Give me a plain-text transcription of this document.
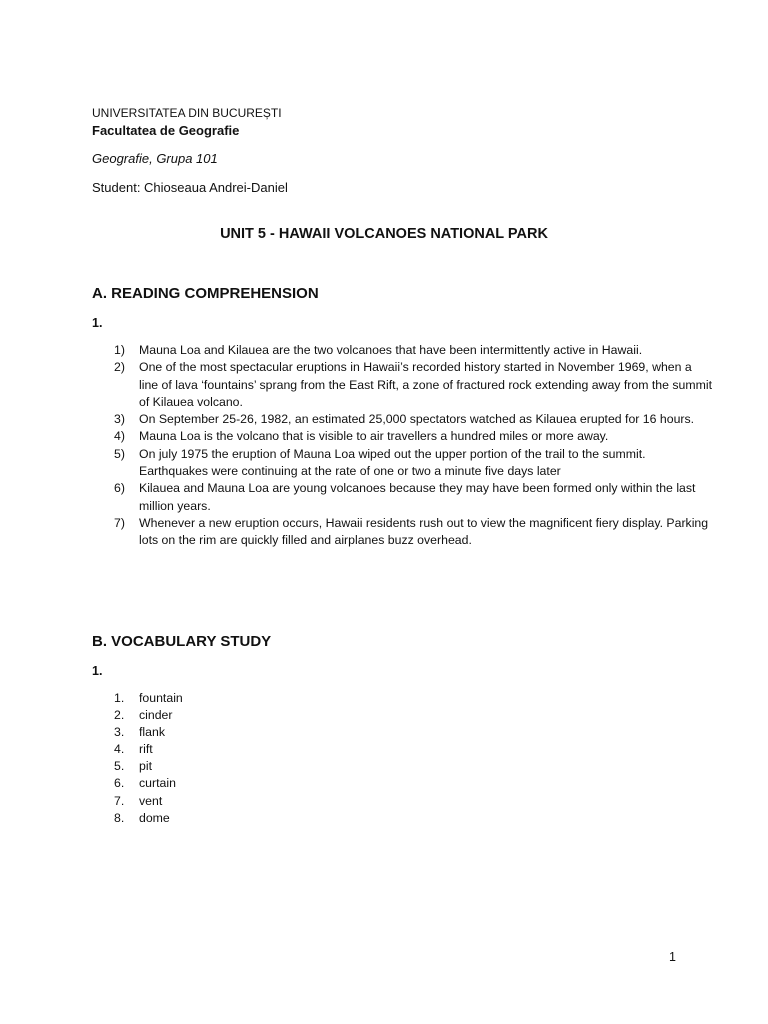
UNIVERSITATEA DIN BUCUREȘTI
Facultatea de Geografie
Geografie, Grupa 101
Student: Chioseaua Andrei-Daniel
UNIT 5 - HAWAII VOLCANOES NATIONAL PARK
A. READING COMPREHENSION
1.
1)	Mauna Loa and Kilauea are the two volcanoes that have been intermittently active in Hawaii.
2)	One of the most spectacular eruptions in Hawaii’s recorded history started in November 1969, when a line of lava ‘fountains’ sprang from the East Rift, a zone of fractured rock extending away from the summit of Kilauea volcano.
3)	On September 25-26, 1982, an estimated 25,000 spectators watched as Kilauea erupted for 16 hours.
4)	Mauna Loa is the volcano that is visible to air travellers a hundred miles or more away.
5)	On july 1975 the eruption of Mauna Loa wiped out the upper portion of the trail to the summit. Earthquakes were continuing at the rate of one or two a minute five days later
6)	Kilauea and Mauna Loa are young volcanoes because they may have been formed only within the last million years.
7)	Whenever a new eruption occurs, Hawaii residents rush out to view the magnificent fiery display. Parking lots on the rim are quickly filled and airplanes buzz overhead.
B. VOCABULARY STUDY
1.
1.	fountain
2.	cinder
3.	flank
4.	rift
5.	pit
6.	curtain
7.	vent
8.	dome
1
